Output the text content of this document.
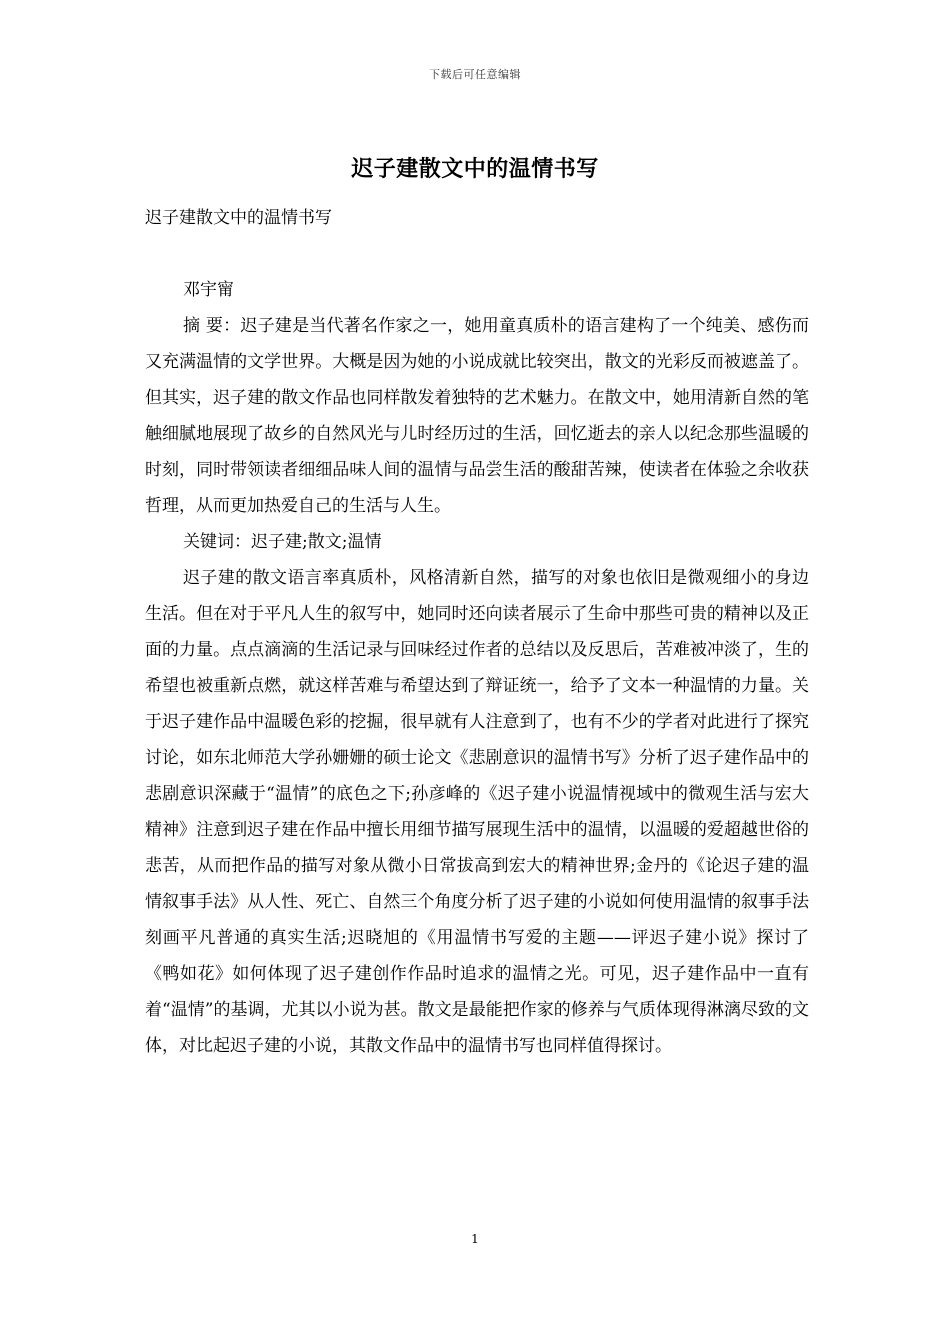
下载后可任意编辑
迟子建散文中的温情书写

迟子建散文中的温情书写

邓宇甯

摘 要：迟子建是当代著名作家之一，她用童真质朴的语言建构了一个纯美、感伤而又充满温情的文学世界。大概是因为她的小说成就比较突出，散文的光彩反而被遮盖了。但其实，迟子建的散文作品也同样散发着独特的艺术魅力。在散文中，她用清新自然的笔触细腻地展现了故乡的自然风光与儿时经历过的生活，回忆逝去的亲人以纪念那些温暖的时刻，同时带领读者细细品味人间的温情与品尝生活的酸甜苦辣，使读者在体验之余收获哲理，从而更加热爱自己的生活与人生。

关键词：迟子建;散文;温情

迟子建的散文语言率真质朴，风格清新自然，描写的对象也依旧是微观细小的身边生活。但在对于平凡人生的叙写中，她同时还向读者展示了生命中那些可贵的精神以及正面的力量。点点滴滴的生活记录与回味经过作者的总结以及反思后，苦难被冲淡了，生的希望也被重新点燃，就这样苦难与希望达到了辩证统一，给予了文本一种温情的力量。关于迟子建作品中温暖色彩的挖掘，很早就有人注意到了，也有不少的学者对此进行了探究讨论，如东北师范大学孙姗姗的硕士论文《悲剧意识的温情书写》分析了迟子建作品中的悲剧意识深藏于“温情”的底色之下;孙彦峰的《迟子建小说温情视域中的微观生活与宏大精神》注意到迟子建在作品中擅长用细节描写展现生活中的温情，以温暖的爱超越世俗的悲苦，从而把作品的描写对象从微小日常拔高到宏大的精神世界;金丹的《论迟子建的温情叙事手法》从人性、死亡、自然三个角度分析了迟子建的小说如何使用温情的叙事手法刻画平凡普通的真实生活;迟晓旭的《用温情书写爱的主题——评迟子建小说》探讨了《鸭如花》如何体现了迟子建创作作品时追求的温情之光。可见，迟子建作品中一直有着“温情”的基调，尤其以小说为甚。散文是最能把作家的修养与气质体现得淋漓尽致的文体，对比起迟子建的小说，其散文作品中的温情书写也同样值得探讨。

1
